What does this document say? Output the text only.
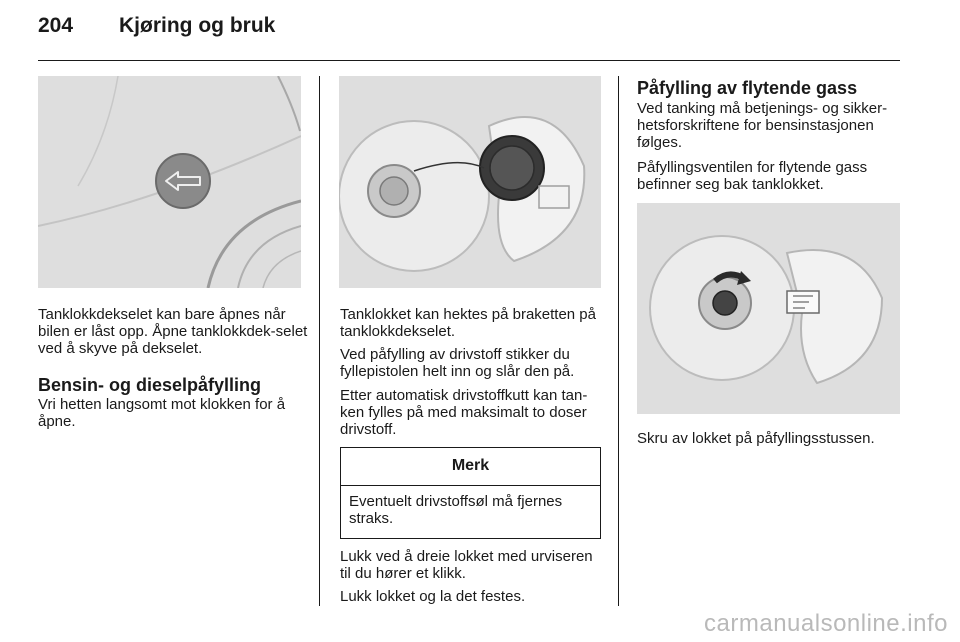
204 Kjøring og bruk

Tanklokkdekselet kan bare åpnes når bilen er låst opp. Åpne tanklokkdek-selet ved å skyve på dekselet.

Bensin- og dieselpåfylling

Vri hetten langsomt mot klokken for å åpne.

Tanklokket kan hektes på braketten på tanklokkdekselet.

Ved påfylling av drivstoff stikker du fyllepistolen helt inn og slår den på.

Etter automatisk drivstoffkutt kan tan-ken fylles på med maksimalt to doser drivstoff.

Merk

Eventuelt drivstoffsøl må fjernes straks.

Lukk ved å dreie lokket med urviseren til du hører et klikk.

Lukk lokket og la det festes.

Påfylling av flytende gass

Ved tanking må betjenings- og sikker-hetsforskriftene for bensinstasjonen følges.

Påfyllingsventilen for flytende gass befinner seg bak tanklokket.

Skru av lokket på påfyllingsstussen.

carmanualsonline.info
